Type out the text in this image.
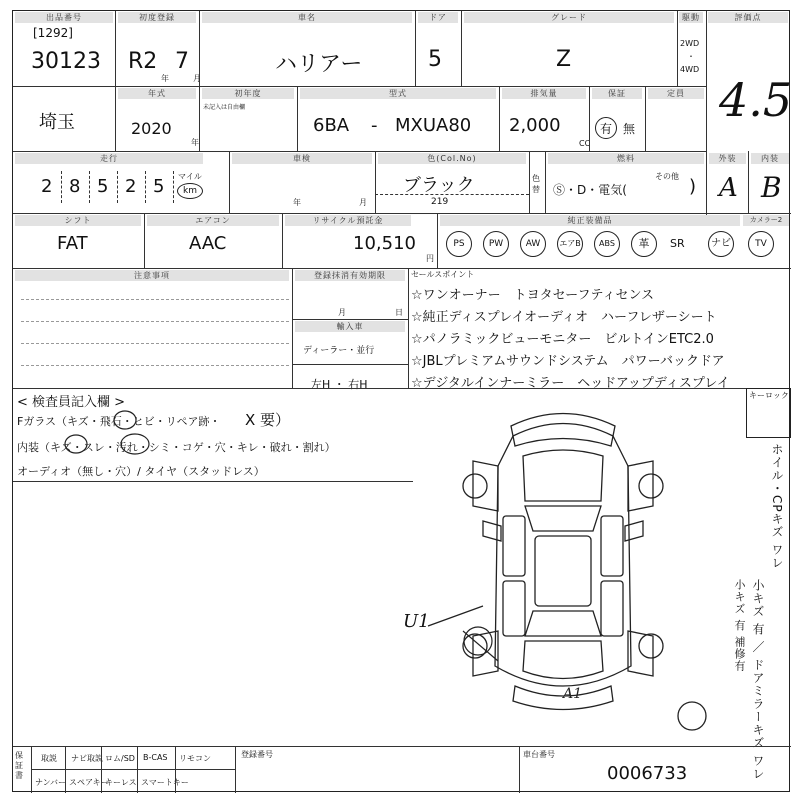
出品番号
[1292]
30123
初度登録
R2
年
7
月
車名
ハリアー
ドア
5
グレード
Z
駆動
2WD
・
4WD
評価点
4.5
埼玉
年式
2020
年
初年度
未記入は自由欄
型式
6BA - MXUA80
排気量
2,000
CC
保証
有 無
定員
走行
2 8 5 2 5 マイル
km
車検
年	月
色(Col.No)
ブラック
219
色替
燃料
Ⓢ・D・電気(
その他 )
外装
A
内装
B
シフト
FAT
エアコン
AAC
リサイクル預託金
10,510
円
純正装備品	カメラー2
PS	PW	AW	エアB	ABS	革	SR	ナビ	TV
注意事項	登録抹消有効期限
月	日
輸入車
ディーラー・並行
左H ・ 右H
セールスポイント
☆ワンオーナー　トヨタセーフティセンス
☆純正ディスプレイオーディオ　ハーフレザーシート
☆パノラミックビューモニター　ビルトインETC2.0
☆JBLプレミアムサウンドシステム　パワーバックドア
☆デジタルインナーミラー　ヘッドアップディスプレイ
< 検査員記入欄 >
Fガラス（キズ・飛石・ヒビ・リペア跡・ X 要）
内装（キズ・スレ・汚れ・シミ・コゲ・穴・キレ・破れ・割れ）
オーディオ（無し・穴）/ タイヤ（スタッドレス）
キーロック
ホイル・CPキズ ワレ
小キズ 有 ／ ドアミラーキズ ワレ
小キズ 有 補修有
A1
U1
保証書
取説 ナビ取説 ロム/SD B-CAS リモコン
ナンバー スペアキー
キーレス スマートキー
登録番号	車台番号
0006733
